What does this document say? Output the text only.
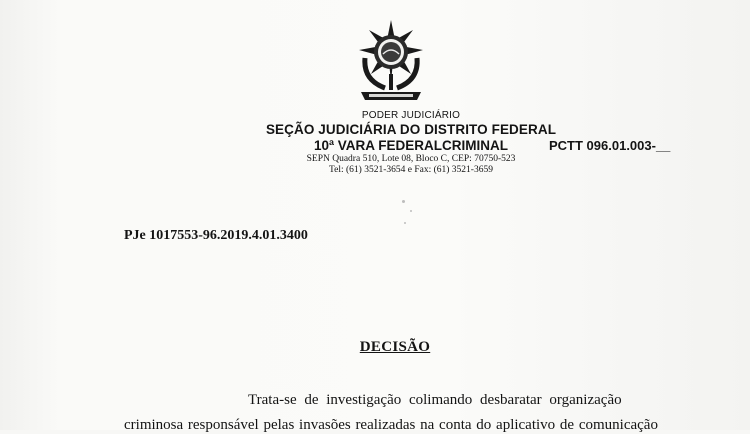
PODER JUDICIÁRIO
SEÇÃO JUDICIÁRIA DO DISTRITO FEDERAL
10ª VARA FEDERALCRIMINAL
SEPN Quadra 510, Lote 08, Bloco C, CEP: 70750-523
Tel: (61) 3521-3654 e Fax: (61) 3521-3659
PCTT 096.01.003-__
PJe 1017553-96.2019.4.01.3400
DECISÃO
Trata-se de investigação colimando desbaratar organização
criminosa responsável pelas invasões realizadas na conta do aplicativo de comunicação
